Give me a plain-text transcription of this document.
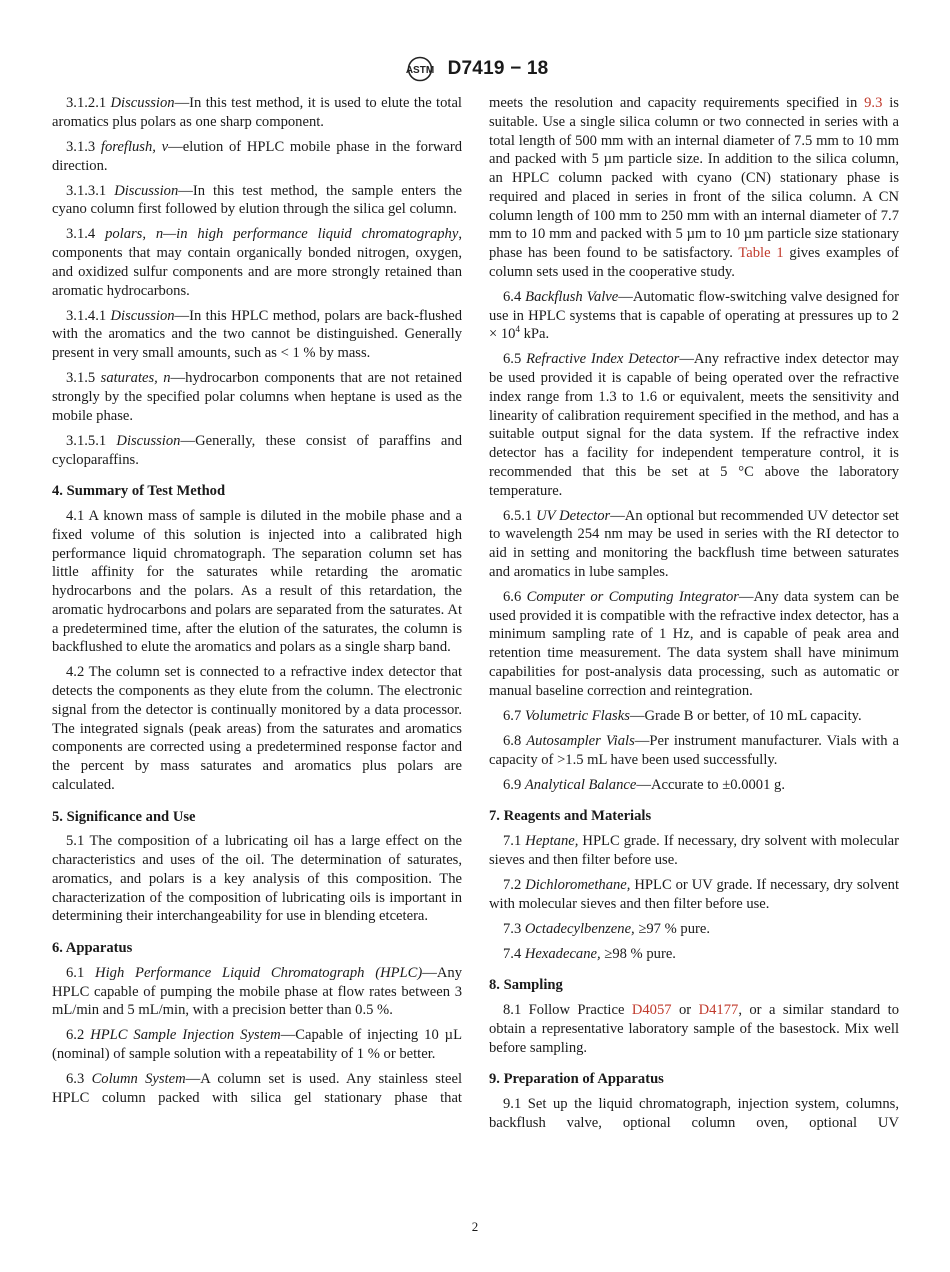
ASTM D7419 − 18

3.1.2.1 Discussion—In this test method, it is used to elute the total aromatics plus polars as one sharp component.

3.1.3 foreflush, v—elution of HPLC mobile phase in the forward direction.

3.1.3.1 Discussion—In this test method, the sample enters the cyano column first followed by elution through the silica gel column.

3.1.4 polars, n—in high performance liquid chromatography, components that may contain organically bonded nitrogen, oxygen, and oxidized sulfur components and are more strongly retained than aromatic hydrocarbons.

3.1.4.1 Discussion—In this HPLC method, polars are back-flushed with the aromatics and the two cannot be distinguished. Generally present in very small amounts, such as < 1 % by mass.

3.1.5 saturates, n—hydrocarbon components that are not retained strongly by the specified polar columns when heptane is used as the mobile phase.

3.1.5.1 Discussion—Generally, these consist of paraffins and cycloparaffins.

4. Summary of Test Method

4.1 A known mass of sample is diluted in the mobile phase and a fixed volume of this solution is injected into a calibrated high performance liquid chromatograph. The separation column set has little affinity for the saturates while retarding the aromatic hydrocarbons and the polars. As a result of this retardation, the aromatic hydrocarbons and polars are separated from the saturates. At a predetermined time, after the elution of the saturates, the column is backflushed to elute the aromatics and polars as a single sharp band.

4.2 The column set is connected to a refractive index detector that detects the components as they elute from the column. The electronic signal from the detector is continually monitored by a data processor. The integrated signals (peak areas) from the saturates and aromatics components are corrected using a predetermined response factor and the percent by mass saturates and aromatics plus polars are calculated.

5. Significance and Use

5.1 The composition of a lubricating oil has a large effect on the characteristics and uses of the oil. The determination of saturates, aromatics, and polars is a key analysis of this composition. The characterization of the composition of lubricating oils is important in determining their interchangeability for use in blending etcetera.

6. Apparatus

6.1 High Performance Liquid Chromatograph (HPLC)—Any HPLC capable of pumping the mobile phase at flow rates between 3 mL/min and 5 mL/min, with a precision better than 0.5 %.

6.2 HPLC Sample Injection System—Capable of injecting 10 µL (nominal) of sample solution with a repeatability of 1 % or better.

6.3 Column System—A column set is used. Any stainless steel HPLC column packed with silica gel stationary phase that

meets the resolution and capacity requirements specified in 9.3 is suitable. Use a single silica column or two connected in series with a total length of 500 mm with an internal diameter of 7.5 mm to 10 mm and packed with 5 µm particle size. In addition to the silica column, an HPLC column packed with cyano (CN) stationary phase is required and placed in series in front of the silica column. A CN column length of 100 mm to 250 mm with an internal diameter of 7.7 mm to 10 mm and packed with 5 µm to 10 µm particle size stationary phase has been found to be satisfactory. Table 1 gives examples of column sets used in the cooperative study.

6.4 Backflush Valve—Automatic flow-switching valve designed for use in HPLC systems that is capable of operating at pressures up to $2 \times 10^4$ kPa.

6.5 Refractive Index Detector—Any refractive index detector may be used provided it is capable of being operated over the refractive index range from 1.3 to 1.6 or equivalent, meets the sensitivity and linearity of calibration requirement specified in the method, and has a suitable output signal for the data system. If the refractive index detector has a facility for independent temperature control, it is recommended that this be set at 5 °C above the laboratory temperature.

6.5.1 UV Detector—An optional but recommended UV detector set to wavelength 254 nm may be used in series with the RI detector to aid in setting and monitoring the backflush time between saturates and aromatics in lube samples.

6.6 Computer or Computing Integrator—Any data system can be used provided it is compatible with the refractive index detector, has a minimum sampling rate of 1 Hz, and is capable of peak area and retention time measurement. The data system shall have minimum capabilities for post-analysis data processing, such as automatic or manual baseline correction and reintegration.

6.7 Volumetric Flasks—Grade B or better, of 10 mL capacity.

6.8 Autosampler Vials—Per instrument manufacturer. Vials with a capacity of >1.5 mL have been used successfully.

6.9 Analytical Balance—Accurate to ±0.0001 g.

7. Reagents and Materials

7.1 Heptane, HPLC grade. If necessary, dry solvent with molecular sieves and then filter before use.

7.2 Dichloromethane, HPLC or UV grade. If necessary, dry solvent with molecular sieves and then filter before use.

7.3 Octadecylbenzene, ≥97 % pure.

7.4 Hexadecane, ≥98 % pure.

8. Sampling

8.1 Follow Practice D4057 or D4177, or a similar standard to obtain a representative laboratory sample of the basestock. Mix well before sampling.

9. Preparation of Apparatus

9.1 Set up the liquid chromatograph, injection system, columns, backflush valve, optional column oven, optional UV

2
